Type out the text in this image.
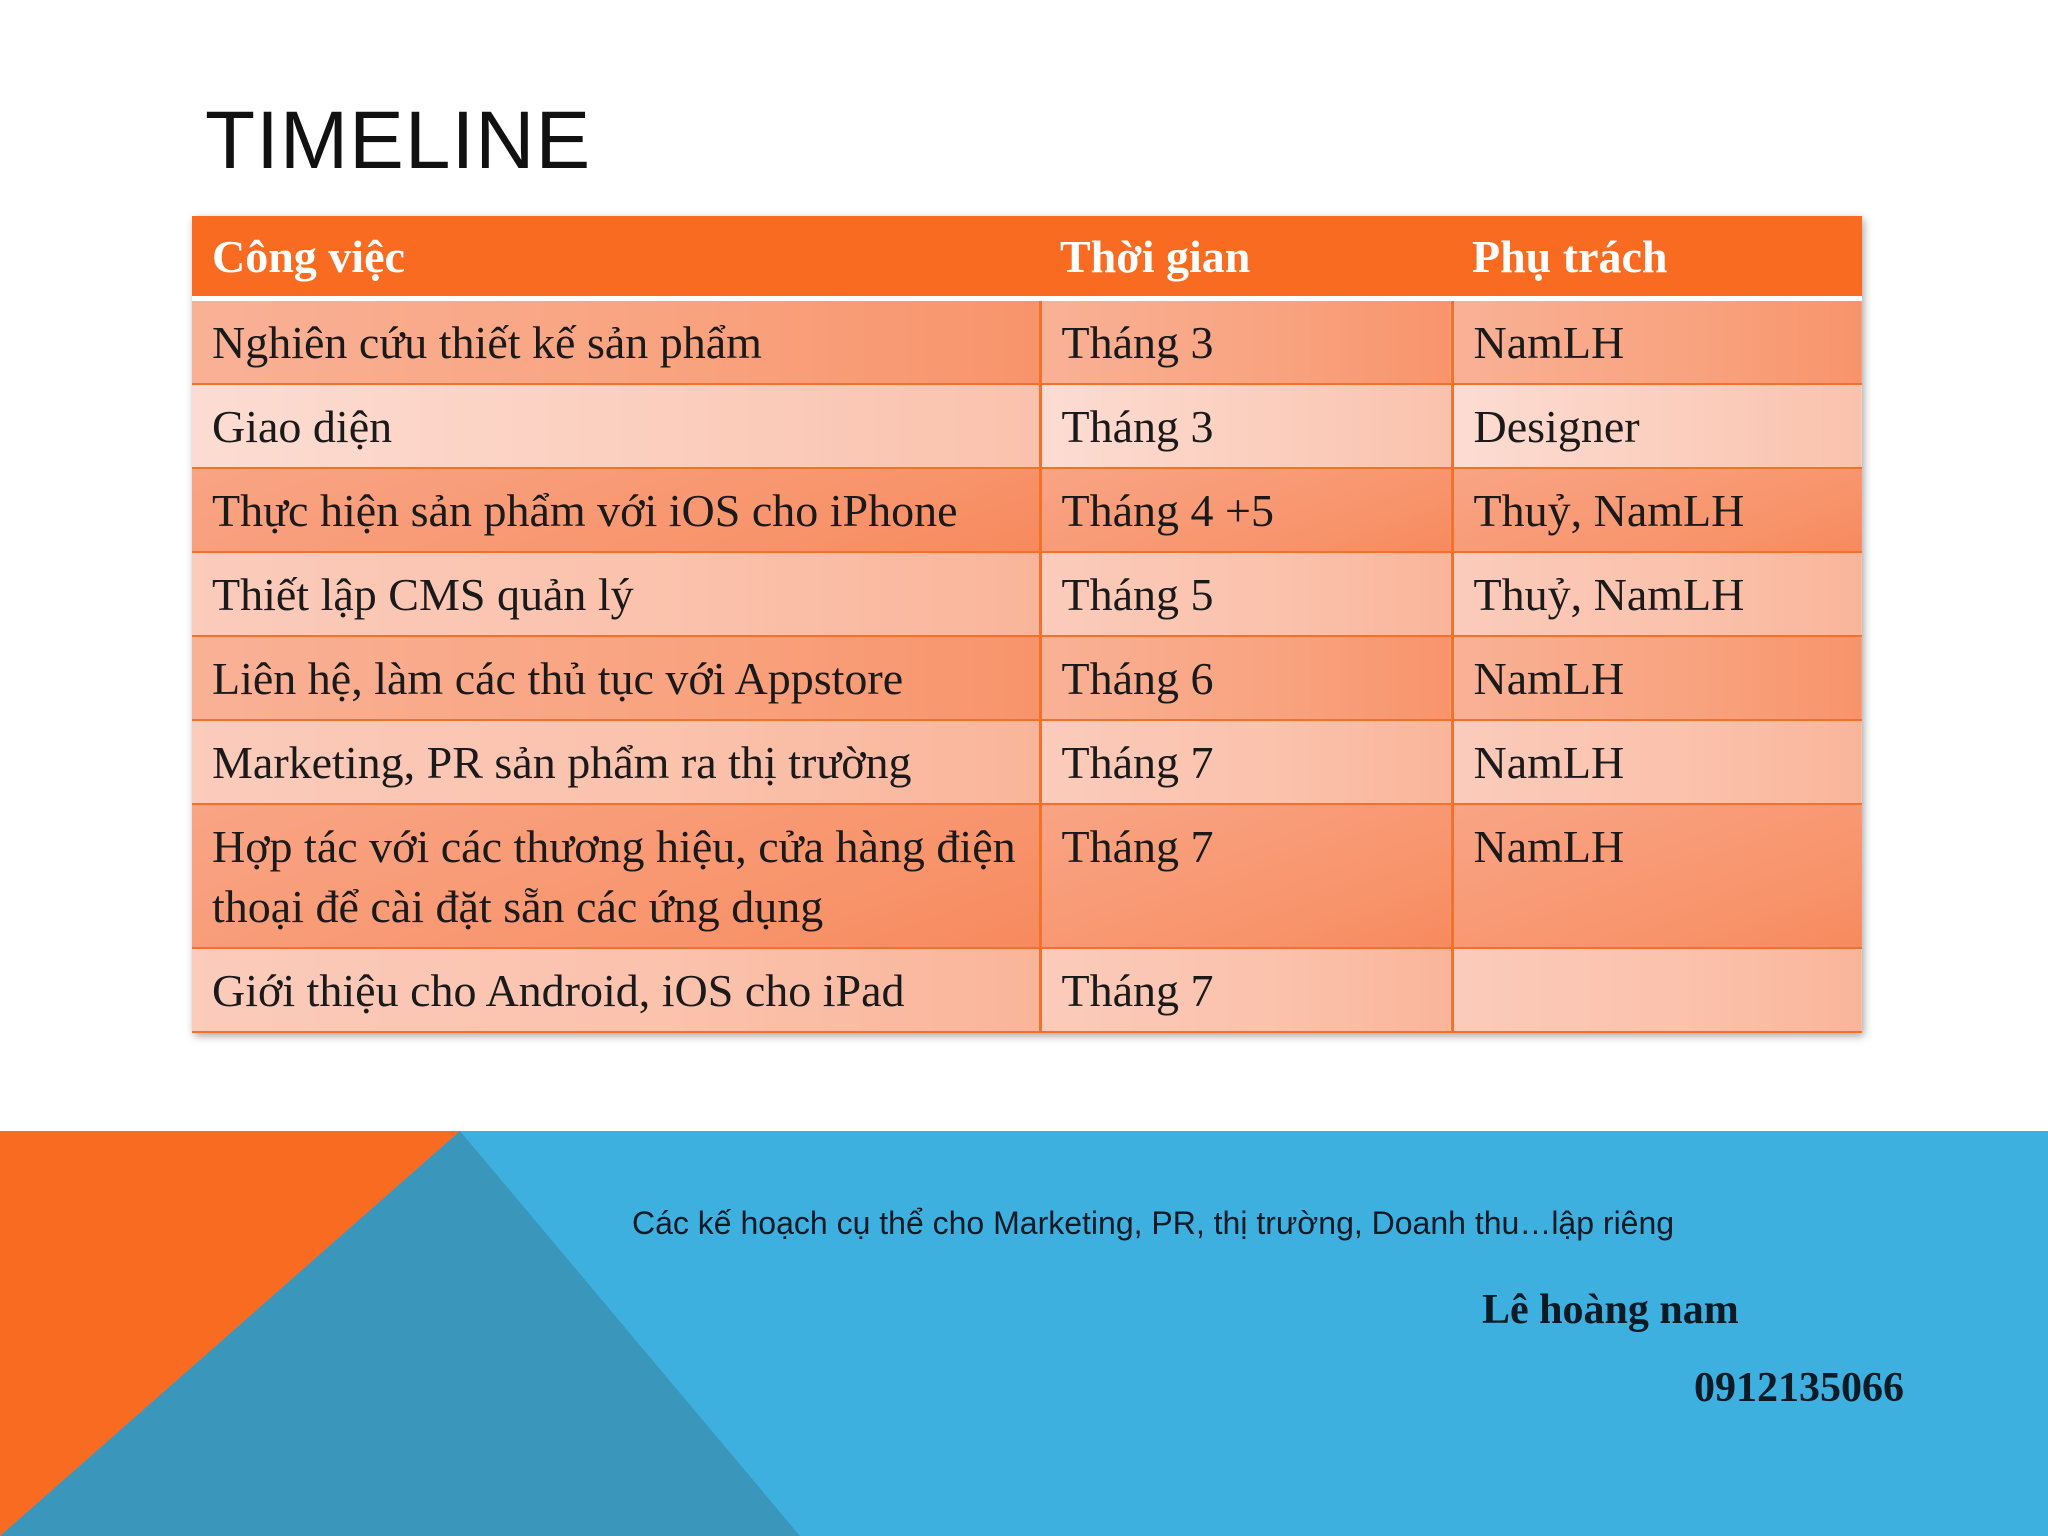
TIMELINE
Công việc	Thời gian	Phụ trách
Nghiên cứu thiết kế sản phẩm	Tháng 3	NamLH
Giao diện	Tháng 3	Designer
Thực hiện sản phẩm với iOS cho iPhone	Tháng 4 +5	Thuỷ, NamLH
Thiết lập CMS quản lý	Tháng 5	Thuỷ, NamLH
Liên hệ, làm các thủ tục với Appstore	Tháng 6	NamLH
Marketing, PR sản phẩm ra thị trường	Tháng 7	NamLH
Hợp tác với các thương hiệu, cửa hàng điện thoại để cài đặt sẵn các ứng dụng	Tháng 7	NamLH
Giới thiệu cho Android, iOS cho iPad	Tháng 7	
Các kế hoạch cụ thể cho Marketing, PR, thị trường, Doanh thu…lập riêng
Lê hoàng nam
0912135066
